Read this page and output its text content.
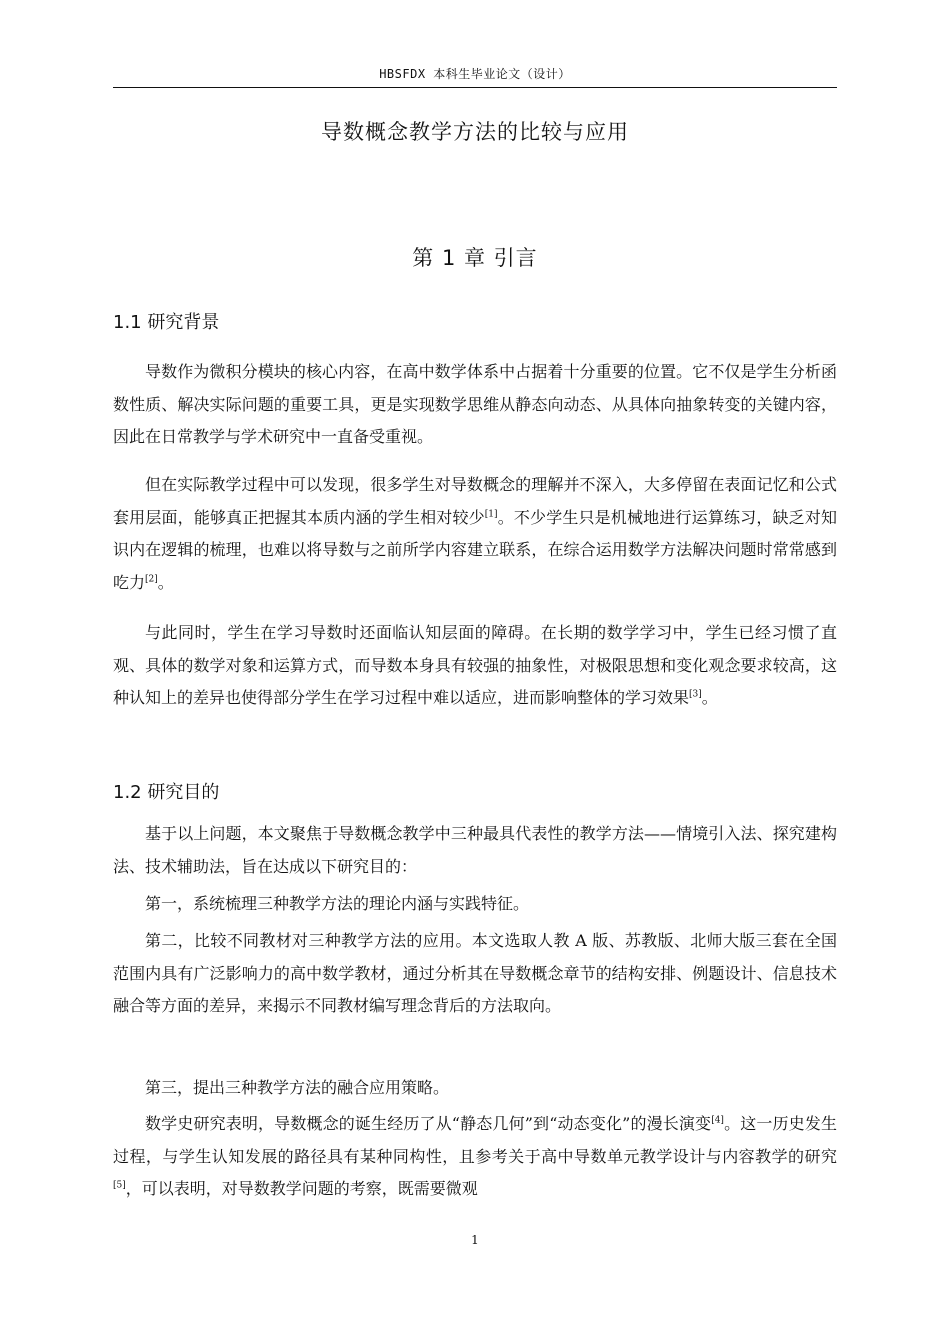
HBSFDX 本科生毕业论文（设计）
导数概念教学方法的比较与应用
第 1 章 引言
1.1 研究背景

导数作为微积分模块的核心内容，在高中数学体系中占据着十分重要的位置。它不仅是学生分析函数性质、解决实际问题的重要工具，更是实现数学思维从静态向动态、从具体向抽象转变的关键内容，因此在日常教学与学术研究中一直备受重视。

但在实际教学过程中可以发现，很多学生对导数概念的理解并不深入，大多停留在表面记忆和公式套用层面，能够真正把握其本质内涵的学生相对较少[1]。不少学生只是机械地进行运算练习，缺乏对知识内在逻辑的梳理，也难以将导数与之前所学内容建立联系，在综合运用数学方法解决问题时常常感到吃力[2]。

与此同时，学生在学习导数时还面临认知层面的障碍。在长期的数学学习中，学生已经习惯了直观、具体的数学对象和运算方式，而导数本身具有较强的抽象性，对极限思想和变化观念要求较高，这种认知上的差异也使得部分学生在学习过程中难以适应，进而影响整体的学习效果[3]。

1.2 研究目的

基于以上问题，本文聚焦于导数概念教学中三种最具代表性的教学方法——情境引入法、探究建构法、技术辅助法，旨在达成以下研究目的：

第一，系统梳理三种教学方法的理论内涵与实践特征。

第二，比较不同教材对三种教学方法的应用。本文选取人教 A 版、苏教版、北师大版三套在全国范围内具有广泛影响力的高中数学教材，通过分析其在导数概念章节的结构安排、例题设计、信息技术融合等方面的差异，来揭示不同教材编写理念背后的方法取向。

第三，提出三种教学方法的融合应用策略。

数学史研究表明，导数概念的诞生经历了从“静态几何”到“动态变化”的漫长演变[4]。这一历史发生过程，与学生认知发展的路径具有某种同构性，且参考关于高中导数单元教学设计与内容教学的研究[5]，可以表明，对导数教学问题的考察，既需要微观

1
